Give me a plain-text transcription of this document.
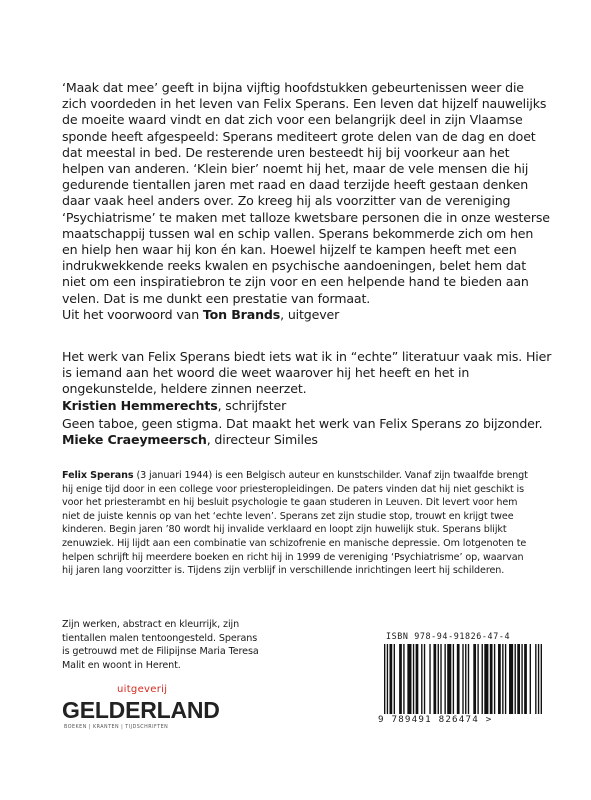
‘Maak dat mee’ geeft in bijna vijftig hoofdstukken gebeurtenissen weer die zich voordeden in het leven van Felix Sperans. Een leven dat hijzelf nauwelijks de moeite waard vindt en dat zich voor een belangrijk deel in zijn Vlaamse sponde heeft afgespeeld: Sperans mediteert grote delen van de dag en doet dat meestal in bed. De resterende uren besteedt hij bij voorkeur aan het helpen van anderen. ‘Klein bier’ noemt hij het, maar de vele mensen die hij gedurende tientallen jaren met raad en daad terzijde heeft gestaan denken daar vaak heel anders over. Zo kreeg hij als voorzitter van de vereniging ‘Psychiatrisme’ te maken met talloze kwetsbare personen die in onze westerse maatschappij tussen wal en schip vallen. Sperans bekommerde zich om hen en hielp hen waar hij kon én kan. Hoewel hijzelf te kampen heeft met een indrukwekkende reeks kwalen en psychische aandoeningen, belet hem dat niet om een inspiratiebron te zijn voor en een helpende hand te bieden aan velen. Dat is me dunkt een prestatie van formaat.

Uit het voorwoord van Ton Brands, uitgever

Het werk van Felix Sperans biedt iets wat ik in “echte” literatuur vaak mis. Hier is iemand aan het woord die weet waarover hij het heeft en het in ongekunstelde, heldere zinnen neerzet.

Kristien Hemmerechts, schrijfster

Geen taboe, geen stigma. Dat maakt het werk van Felix Sperans zo bijzonder.

Mieke Craeymeersch, directeur Similes

Felix Sperans (3 januari 1944) is een Belgisch auteur en kunstschilder. Vanaf zijn twaalfde brengt hij enige tijd door in een college voor priesteropleidingen. De paters vinden dat hij niet geschikt is voor het priesterambt en hij besluit psychologie te gaan studeren in Leuven. Dit levert voor hem niet de juiste kennis op van het ‘echte leven’. Sperans zet zijn studie stop, trouwt en krijgt twee kinderen. Begin jaren ’80 wordt hij invalide verklaard en loopt zijn huwelijk stuk. Sperans blijkt zenuwziek. Hij lijdt aan een combinatie van schizofrenie en manische depressie. Om lotgenoten te helpen schrijft hij meerdere boeken en richt hij in 1999 de vereniging ‘Psychiatrisme’ op, waarvan hij jaren lang voorzitter is. Tijdens zijn verblijf in verschillende inrichtingen leert hij schilderen.

Zijn werken, abstract en kleurrijk, zijn tientallen malen tentoongesteld. Sperans is getrouwd met de Filipijnse Maria Teresa Malit en woont in Herent.
ISBN 978-94-91826-47-4
9 789491 826474 >
uitgeverij
GELDERLAND
BOEKEN | KRANTEN | TIJDSCHRIFTEN
